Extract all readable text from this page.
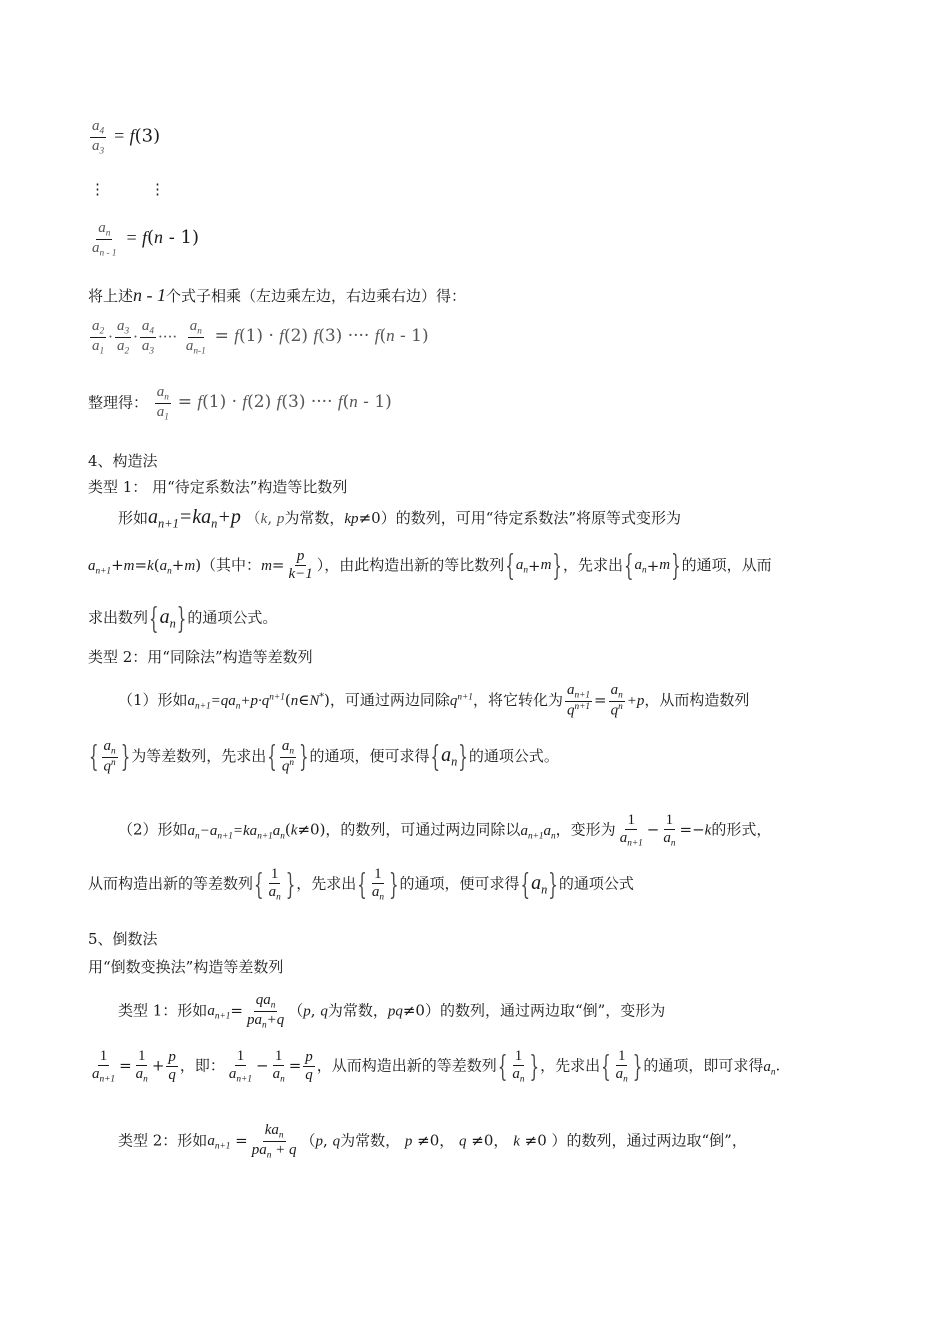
$\frac{a_4}{a_3} = f(3)$
⋮	⋮
$\frac{a_n}{a_{n - 1}} = f(n - 1)$
将上述n - 1个式子相乘（左边乘左边，右边乘右边）得：
$\frac{a_2}{a_1} \cdot \frac{a_3}{a_2} \cdot \frac{a_4}{a_3}$ ···· $\frac{a_n}{a_{n-1}} = f(1) \cdot f(2)$ f(3) ···· f(n - 1)
整理得： $\frac{a_n}{a_1} = f(1) \cdot f(2)$ f(3) ···· f(n - 1)
4、构造法
类型 1： 用“待定系数法”构造等比数列
形如$a_{n+1}=ka_n+p$ （k, p为常数，kp≠0）的数列，可用“待定系数法”将原等式变形为
$a_{n+1}+m=k(a_n+m)$（其中：$m= \frac{p}{k-1}$ ），由此构造出新的等比数列 { $a_n + m$ } ，先求出 { $a_n + m$ } 的通项，从而
求出数列 { $a_n$ } 的通项公式。
类型 2：用“同除法”构造等差数列
（1）形如$a_{n+1}=qa_n+p\cdot q^{n+1}(n\in N^*)$，可通过两边同除$q^{n+1}$，将它转化为 $\frac{a_{n+1}}{q^{n+1}} = \frac{a_n}{q^n} +p$，从而构造数列
{ $\frac{a_n}{q^n}$ } 为等差数列，先求出 { $\frac{a_n}{q^n}$ } 的通项，便可求得 { $a_n$ } 的通项公式。
（2）形如$a_n-a_{n+1}=ka_{n+1}a_n(k\ne 0)$，的数列，可通过两边同除以$a_{n+1}a_n$，变形为 $\frac{1}{a_{n+1}} - \frac{1}{a_n} =-k$的形式，
从而构造出新的等差数列 { $\frac{1}{a_n}$ } ，先求出 { $\frac{1}{a_n}$ } 的通项，便可求得 { $a_n$ } 的通项公式
5、倒数法
用“倒数变换法”构造等差数列
类型 1：形如$a_{n+1}= \frac{qa_n}{pa_n+q} (p$, q为常数，pq≠0）的数列，通过两边取“倒”，变形为
$\frac{1}{a_{n+1}} = \frac{1}{a_n} + \frac{p}{q}$ ，即： $\frac{1}{a_{n+1}} - \frac{1}{a_n} = \frac{p}{q}$ ，从而构造出新的等差数列 { $\frac{1}{a_n}$ } ，先求出 { $\frac{1}{a_n}$ } 的通项，即可求得$a_n$.
类型 2：形如$a_{n+1} = \frac{ka_n}{pa_n + q} (p$, q为常数， p ≠0， q ≠0， k ≠0 ）的数列，通过两边取“倒”，
